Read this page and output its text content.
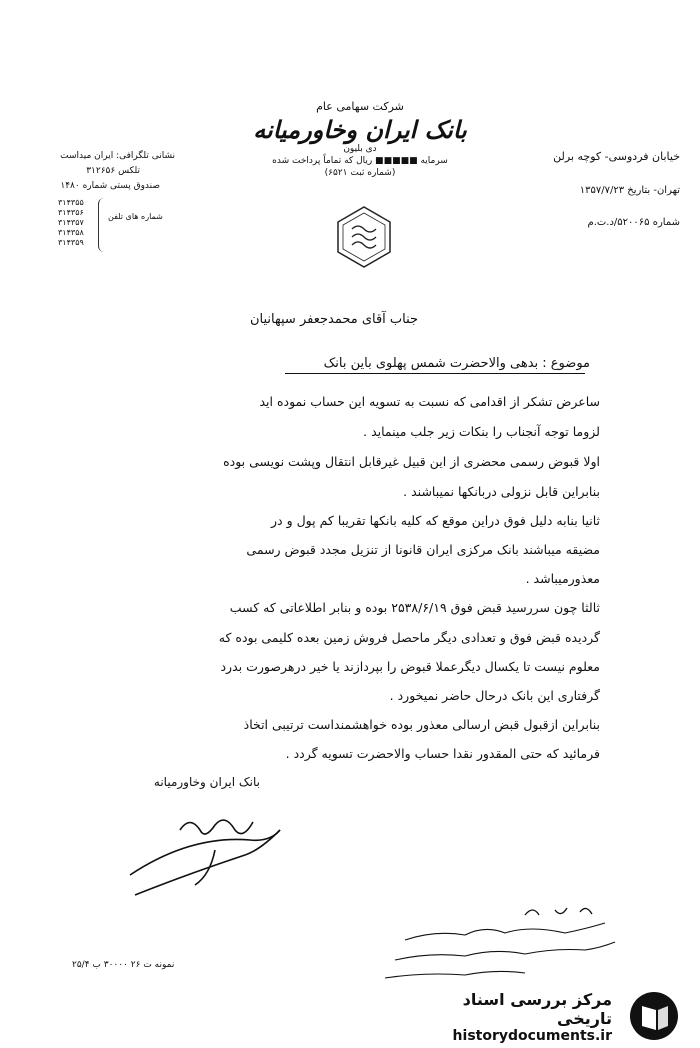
شرکت سهامی عام
بانک ایران وخاورمیانه
دی بلیون
سرمایه ■■■■■ ریال که تماماً پرداخت شده
(شماره ثبت ۶۵۲۱)
نشانی تلگرافی: ایران میداست
تلکس ۳۱۲۶۵۶
صندوق پستی شماره ۱۴۸۰
۳۱۴۳۵۵
۳۱۴۳۵۶
۳۱۴۳۵۷
۳۱۴۳۵۸
۳۱۴۳۵۹
شماره های تلفن
خیابان فردوسی- کوچه برلن
تهران- بتاریخ ۱۳۵۷/۷/۲۳
شماره ۵۲۰۰۶۵/د.ت.م
جناب آقای محمدجعفر سپهانیان
موضوع : بدهی والاحضرت شمس پهلوی باین بانک
ساعرض تشکر از اقدامی که نسبت به تسویه این حساب نموده اید
لزوما توجه آنجناب را بنکات زیر جلب مینماید .
اولا قبوض رسمی محضری از این قبیل غیرقابل انتقال وپشت نویسی بوده
بنابراین قابل نزولی دربانکها نمیباشند .
ثانیا بنابه دلیل فوق دراین موقع که کلیه بانکها تقریبا کم پول و در
مضیقه میباشند بانک مرکزی ایران قانونا از تنزیل مجدد قبوض رسمی
معذورمیباشد .
ثالثا چون سررسید قبض فوق ۲۵۳۸/۶/۱۹ بوده و بنابر اطلاعاتی که کسب
گردیده قبض فوق و تعدادی دیگر ماحصل فروش زمین بعده کلیمی بوده که
معلوم نیست تا یکسال دیگرعملا قبوض را بپردازند یا خیر درهرصورت بدرد
گرفتاری این بانک درحال حاضر نمیخورد .
بنابراین ازقبول قبض ارسالی معذور بوده خواهشمنداست ترتیبی اتخاذ
فرمائید که حتی المقدور نقدا حساب والاحضرت تسویه گردد .
بانک ایران وخاورمیانه
نمونه ت ۲۶ ۳۰۰۰۰ ب ۲۵/۴
مرکز بررسی اسناد تاریخی
historydocuments.ir
